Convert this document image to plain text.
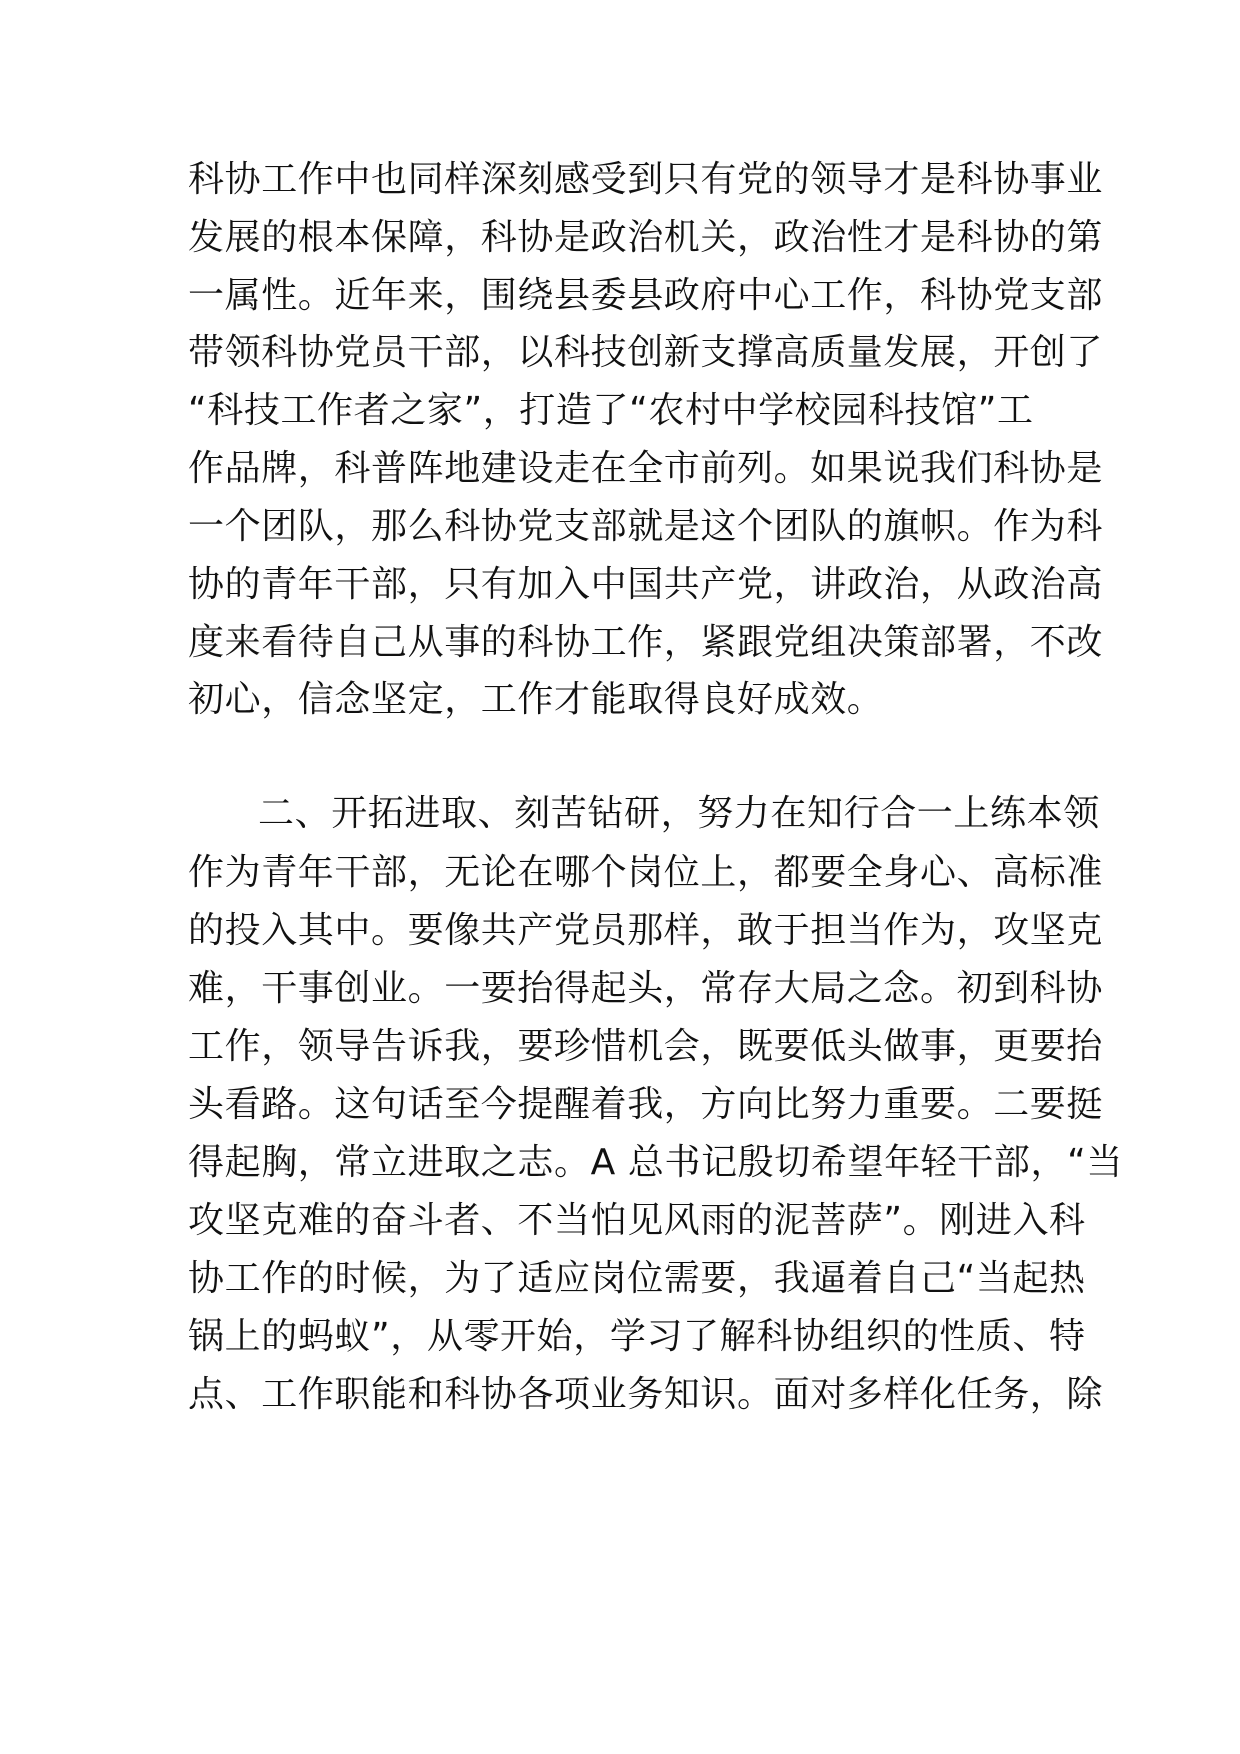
科协工作中也同样深刻感受到只有党的领导才是科协事业
发展的根本保障，科协是政治机关，政治性才是科协的第
一属性。近年来，围绕县委县政府中心工作，科协党支部
带领科协党员干部，以科技创新支撑高质量发展，开创了
“科技工作者之家”，打造了“农村中学校园科技馆”工
作品牌，科普阵地建设走在全市前列。如果说我们科协是
一个团队，那么科协党支部就是这个团队的旗帜。作为科
协的青年干部，只有加入中国共产党，讲政治，从政治高
度来看待自己从事的科协工作，紧跟党组决策部署，不改
初心，信念坚定，工作才能取得良好成效。
二、开拓进取、刻苦钻研，努力在知行合一上练本领
作为青年干部，无论在哪个岗位上，都要全身心、高标准
的投入其中。要像共产党员那样，敢于担当作为，攻坚克
难，干事创业。一要抬得起头，常存大局之念。初到科协
工作，领导告诉我，要珍惜机会，既要低头做事，更要抬
头看路。这句话至今提醒着我，方向比努力重要。二要挺
得起胸，常立进取之志。A 总书记殷切希望年轻干部，“当
攻坚克难的奋斗者、不当怕见风雨的泥菩萨”。刚进入科
协工作的时候，为了适应岗位需要，我逼着自己“当起热
锅上的蚂蚁”，从零开始，学习了解科协组织的性质、特
点、工作职能和科协各项业务知识。面对多样化任务，除
